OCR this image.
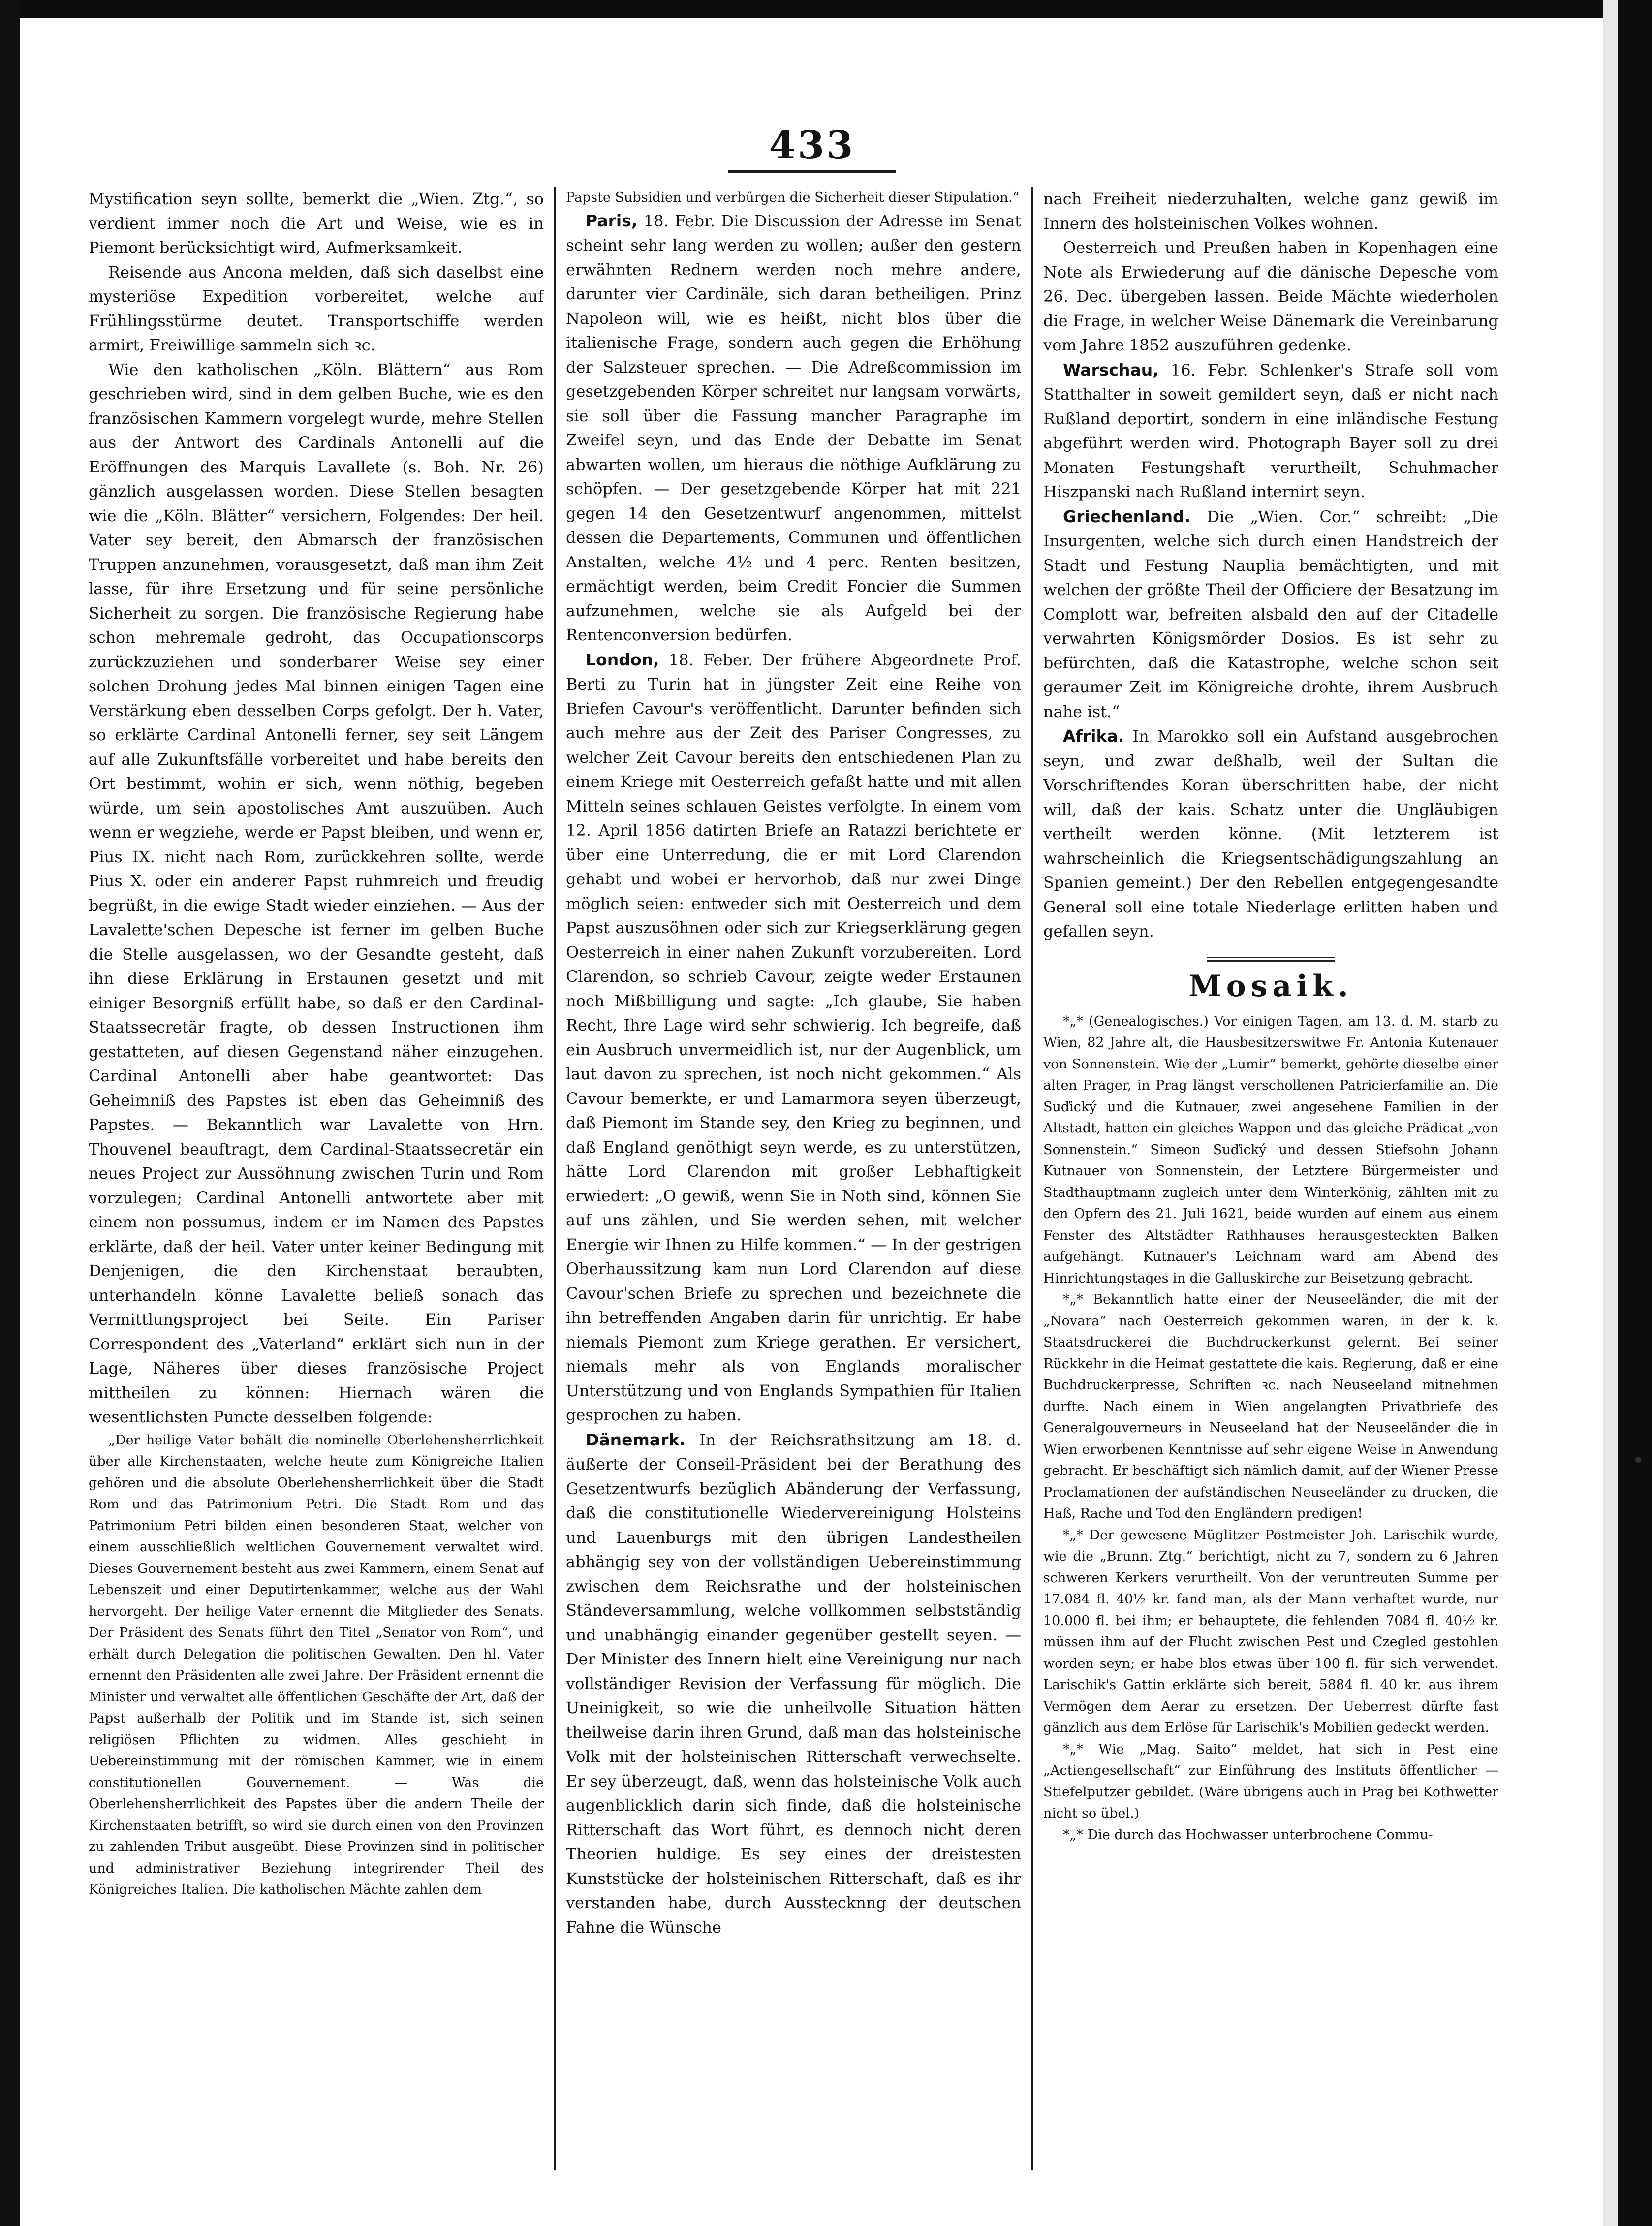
433

Mystification seyn sollte, bemerkt die „Wien. Ztg.“, so verdient immer noch die Art und Weise, wie es in Piemont berücksichtigt wird, Aufmerksamkeit.

Reisende aus Ancona melden, daß sich daselbst eine mysteriöse Expedition vorbereitet, welche auf Frühlingsstürme deutet. Transportschiffe werden armirt, Freiwillige sammeln sich ꝛc.

Wie den katholischen „Köln. Blättern“ aus Rom geschrieben wird, sind in dem gelben Buche, wie es den französischen Kammern vorgelegt wurde, mehre Stellen aus der Antwort des Cardinals Antonelli auf die Eröffnungen des Marquis Lavallete (s. Boh. Nr. 26) gänzlich ausgelassen worden. Diese Stellen besagten wie die „Köln. Blätter“ versichern, Folgendes: Der heil. Vater sey bereit, den Abmarsch der französischen Truppen anzunehmen, vorausgesetzt, daß man ihm Zeit lasse, für ihre Ersetzung und für seine persönliche Sicherheit zu sorgen. Die französische Regierung habe schon mehremale gedroht, das Occupationscorps zurückzuziehen und sonderbarer Weise sey einer solchen Drohung jedes Mal binnen einigen Tagen eine Verstärkung eben desselben Corps gefolgt. Der h. Vater, so erklärte Cardinal Antonelli ferner, sey seit Längem auf alle Zukunftsfälle vorbereitet und habe bereits den Ort bestimmt, wohin er sich, wenn nöthig, begeben würde, um sein apostolisches Amt auszuüben. Auch wenn er wegziehe, werde er Papst bleiben, und wenn er, Pius IX. nicht nach Rom, zurückkehren sollte, werde Pius X. oder ein anderer Papst ruhmreich und freudig begrüßt, in die ewige Stadt wieder einziehen. — Aus der Lavalette'schen Depesche ist ferner im gelben Buche die Stelle ausgelassen, wo der Gesandte gesteht, daß ihn diese Erklärung in Erstaunen gesetzt und mit einiger Besorgniß erfüllt habe, so daß er den Cardinal-Staatssecretär fragte, ob dessen Instructionen ihm gestatteten, auf diesen Gegenstand näher einzugehen. Cardinal Antonelli aber habe geantwortet: Das Geheimniß des Papstes ist eben das Geheimniß des Papstes. — Bekanntlich war Lavalette von Hrn. Thouvenel beauftragt, dem Cardinal-Staatssecretär ein neues Project zur Aussöhnung zwischen Turin und Rom vorzulegen; Cardinal Antonelli antwortete aber mit einem non possumus, indem er im Namen des Papstes erklärte, daß der heil. Vater unter keiner Bedingung mit Denjenigen, die den Kirchenstaat beraubten, unterhandeln könne Lavalette beließ sonach das Vermittlungsproject bei Seite. Ein Pariser Correspondent des „Vaterland“ erklärt sich nun in der Lage, Näheres über dieses französische Project mittheilen zu können: Hiernach wären die wesentlichsten Puncte desselben folgende:

„Der heilige Vater behält die nominelle Oberlehensherrlichkeit über alle Kirchenstaaten, welche heute zum Königreiche Italien gehören und die absolute Oberlehensherrlichkeit über die Stadt Rom und das Patrimonium Petri. Die Stadt Rom und das Patrimonium Petri bilden einen besonderen Staat, welcher von einem ausschließlich weltlichen Gouvernement verwaltet wird. Dieses Gouvernement besteht aus zwei Kammern, einem Senat auf Lebenszeit und einer Deputirtenkammer, welche aus der Wahl hervorgeht. Der heilige Vater ernennt die Mitglieder des Senats. Der Präsident des Senats führt den Titel „Senator von Rom“, und erhält durch Delegation die politischen Gewalten. Den hl. Vater ernennt den Präsidenten alle zwei Jahre. Der Präsident ernennt die Minister und verwaltet alle öffentlichen Geschäfte der Art, daß der Papst außerhalb der Politik und im Stande ist, sich seinen religiösen Pflichten zu widmen. Alles geschieht in Uebereinstimmung mit der römischen Kammer, wie in einem constitutionellen Gouvernement. — Was die Oberlehensherrlichkeit des Papstes über die andern Theile der Kirchenstaaten betrifft, so wird sie durch einen von den Provinzen zu zahlenden Tribut ausgeübt. Diese Provinzen sind in politischer und administrativer Beziehung integrirender Theil des Königreiches Italien. Die katholischen Mächte zahlen dem

Papste Subsidien und verbürgen die Sicherheit dieser Stipulation.“

Paris, 18. Febr. Die Discussion der Adresse im Senat scheint sehr lang werden zu wollen; außer den gestern erwähnten Rednern werden noch mehre andere, darunter vier Cardinäle, sich daran betheiligen. Prinz Napoleon will, wie es heißt, nicht blos über die italienische Frage, sondern auch gegen die Erhöhung der Salzsteuer sprechen. — Die Adreßcommission im gesetzgebenden Körper schreitet nur langsam vorwärts, sie soll über die Fassung mancher Paragraphe im Zweifel seyn, und das Ende der Debatte im Senat abwarten wollen, um hieraus die nöthige Aufklärung zu schöpfen. — Der gesetzgebende Körper hat mit 221 gegen 14 den Gesetzentwurf angenommen, mittelst dessen die Departements, Communen und öffentlichen Anstalten, welche 4½ und 4 perc. Renten besitzen, ermächtigt werden, beim Credit Foncier die Summen aufzunehmen, welche sie als Aufgeld bei der Rentenconversion bedürfen.

London, 18. Feber. Der frühere Abgeordnete Prof. Berti zu Turin hat in jüngster Zeit eine Reihe von Briefen Cavour's veröffentlicht. Darunter befinden sich auch mehre aus der Zeit des Pariser Congresses, zu welcher Zeit Cavour bereits den entschiedenen Plan zu einem Kriege mit Oesterreich gefaßt hatte und mit allen Mitteln seines schlauen Geistes verfolgte. In einem vom 12. April 1856 datirten Briefe an Ratazzi berichtete er über eine Unterredung, die er mit Lord Clarendon gehabt und wobei er hervorhob, daß nur zwei Dinge möglich seien: entweder sich mit Oesterreich und dem Papst auszusöhnen oder sich zur Kriegserklärung gegen Oesterreich in einer nahen Zukunft vorzubereiten. Lord Clarendon, so schrieb Cavour, zeigte weder Erstaunen noch Mißbilligung und sagte: „Ich glaube, Sie haben Recht, Ihre Lage wird sehr schwierig. Ich begreife, daß ein Ausbruch unvermeidlich ist, nur der Augenblick, um laut davon zu sprechen, ist noch nicht gekommen.“ Als Cavour bemerkte, er und Lamarmora seyen überzeugt, daß Piemont im Stande sey, den Krieg zu beginnen, und daß England genöthigt seyn werde, es zu unterstützen, hätte Lord Clarendon mit großer Lebhaftigkeit erwiedert: „O gewiß, wenn Sie in Noth sind, können Sie auf uns zählen, und Sie werden sehen, mit welcher Energie wir Ihnen zu Hilfe kommen.“ — In der gestrigen Oberhaussitzung kam nun Lord Clarendon auf diese Cavour'schen Briefe zu sprechen und bezeichnete die ihn betreffenden Angaben darin für unrichtig. Er habe niemals Piemont zum Kriege gerathen. Er versichert, niemals mehr als von Englands moralischer Unterstützung und von Englands Sympathien für Italien gesprochen zu haben.

Dänemark. In der Reichsrathsitzung am 18. d. äußerte der Conseil-Präsident bei der Berathung des Gesetzentwurfs bezüglich Abänderung der Verfassung, daß die constitutionelle Wiedervereinigung Holsteins und Lauenburgs mit den übrigen Landestheilen abhängig sey von der vollständigen Uebereinstimmung zwischen dem Reichsrathe und der holsteinischen Ständeversammlung, welche vollkommen selbstständig und unabhängig einander gegenüber gestellt seyen. — Der Minister des Innern hielt eine Vereinigung nur nach vollständiger Revision der Verfassung für möglich. Die Uneinigkeit, so wie die unheilvolle Situation hätten theilweise darin ihren Grund, daß man das holsteinische Volk mit der holsteinischen Ritterschaft verwechselte. Er sey überzeugt, daß, wenn das holsteinische Volk auch augenblicklich darin sich finde, daß die holsteinische Ritterschaft das Wort führt, es dennoch nicht deren Theorien huldige. Es sey eines der dreistesten Kunststücke der holsteinischen Ritterschaft, daß es ihr verstanden habe, durch Ausstecknng der deutschen Fahne die Wünsche

nach Freiheit niederzuhalten, welche ganz gewiß im Innern des holsteinischen Volkes wohnen.

Oesterreich und Preußen haben in Kopenhagen eine Note als Erwiederung auf die dänische Depesche vom 26. Dec. übergeben lassen. Beide Mächte wiederholen die Frage, in welcher Weise Dänemark die Vereinbarung vom Jahre 1852 auszuführen gedenke.

Warschau, 16. Febr. Schlenker's Strafe soll vom Statthalter in soweit gemildert seyn, daß er nicht nach Rußland deportirt, sondern in eine inländische Festung abgeführt werden wird. Photograph Bayer soll zu drei Monaten Festungshaft verurtheilt, Schuhmacher Hiszpanski nach Rußland internirt seyn.

Griechenland. Die „Wien. Cor.“ schreibt: „Die Insurgenten, welche sich durch einen Handstreich der Stadt und Festung Nauplia bemächtigten, und mit welchen der größte Theil der Officiere der Besatzung im Complott war, befreiten alsbald den auf der Citadelle verwahrten Königsmörder Dosios. Es ist sehr zu befürchten, daß die Katastrophe, welche schon seit geraumer Zeit im Königreiche drohte, ihrem Ausbruch nahe ist.“

Afrika. In Marokko soll ein Aufstand ausgebrochen seyn, und zwar deßhalb, weil der Sultan die Vorschriftendes Koran überschritten habe, der nicht will, daß der kais. Schatz unter die Ungläubigen vertheilt werden könne. (Mit letzterem ist wahrscheinlich die Kriegsentschädigungszahlung an Spanien gemeint.) Der den Rebellen entgegengesandte General soll eine totale Niederlage erlitten haben und gefallen seyn.

Mosaik.

*„* (Genealogisches.) Vor einigen Tagen, am 13. d. M. starb zu Wien, 82 Jahre alt, die Hausbesitzerswitwe Fr. Antonia Kutenauer von Sonnenstein. Wie der „Lumir“ bemerkt, gehörte dieselbe einer alten Prager, in Prag längst verschollenen Patricierfamilie an. Die Suďický und die Kutnauer, zwei angesehene Familien in der Altstadt, hatten ein gleiches Wappen und das gleiche Prädicat „von Sonnenstein.“ Simeon Suďický und dessen Stiefsohn Johann Kutnauer von Sonnenstein, der Letztere Bürgermeister und Stadthauptmann zugleich unter dem Winterkönig, zählten mit zu den Opfern des 21. Juli 1621, beide wurden auf einem aus einem Fenster des Altstädter Rathhauses herausgesteckten Balken aufgehängt. Kutnauer's Leichnam ward am Abend des Hinrichtungstages in die Galluskirche zur Beisetzung gebracht.

*„* Bekanntlich hatte einer der Neuseeländer, die mit der „Novara“ nach Oesterreich gekommen waren, in der k. k. Staatsdruckerei die Buchdruckerkunst gelernt. Bei seiner Rückkehr in die Heimat gestattete die kais. Regierung, daß er eine Buchdruckerpresse, Schriften ꝛc. nach Neuseeland mitnehmen durfte. Nach einem in Wien angelangten Privatbriefe des Generalgouverneurs in Neuseeland hat der Neuseeländer die in Wien erworbenen Kenntnisse auf sehr eigene Weise in Anwendung gebracht. Er beschäftigt sich nämlich damit, auf der Wiener Presse Proclamationen der aufständischen Neuseeländer zu drucken, die Haß, Rache und Tod den Engländern predigen!

*„* Der gewesene Müglitzer Postmeister Joh. Larischik wurde, wie die „Brunn. Ztg.“ berichtigt, nicht zu 7, sondern zu 6 Jahren schweren Kerkers verurtheilt. Von der veruntreuten Summe per 17.084 fl. 40½ kr. fand man, als der Mann verhaftet wurde, nur 10.000 fl. bei ihm; er behauptete, die fehlenden 7084 fl. 40½ kr. müssen ihm auf der Flucht zwischen Pest und Czegled gestohlen worden seyn; er habe blos etwas über 100 fl. für sich verwendet. Larischik's Gattin erklärte sich bereit, 5884 fl. 40 kr. aus ihrem Vermögen dem Aerar zu ersetzen. Der Ueberrest dürfte fast gänzlich aus dem Erlöse für Larischik's Mobilien gedeckt werden.

*„* Wie „Mag. Saito“ meldet, hat sich in Pest eine „Actiengesellschaft“ zur Einführung des Instituts öffentlicher — Stiefelputzer gebildet. (Wäre übrigens auch in Prag bei Kothwetter nicht so übel.)

*„* Die durch das Hochwasser unterbrochene Commu-
